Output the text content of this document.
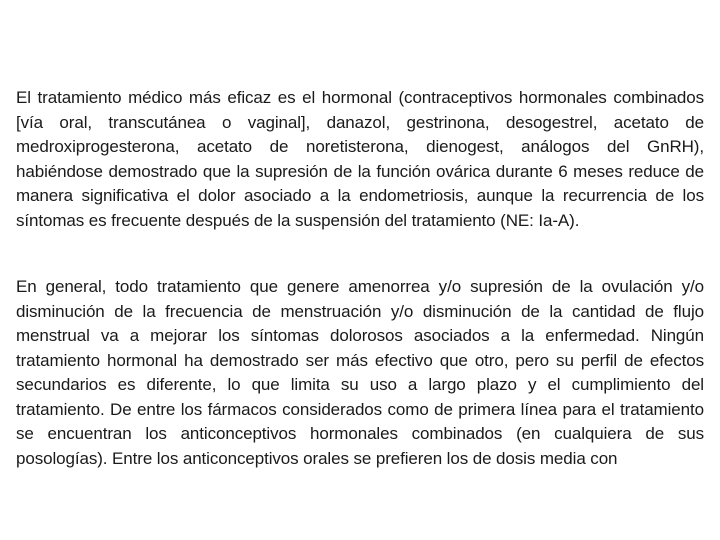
El tratamiento médico más eficaz es el hormonal (contraceptivos hormonales combinados [vía oral, transcutánea o vaginal], danazol, gestrinona, desogestrel, acetato de medroxiprogesterona, acetato de noretisterona, dienogest, análogos del GnRH), habiéndose demostrado que la supresión de la función ovárica durante 6 meses reduce de manera significativa el dolor asociado a la endometriosis, aunque la recurrencia de los síntomas es frecuente después de la suspensión del tratamiento (NE: Ia-A).

En general, todo tratamiento que genere amenorrea y/o supresión de la ovulación y/o disminución de la frecuencia de menstruación y/o disminución de la cantidad de flujo menstrual va a mejorar los síntomas dolorosos asociados a la enfermedad. Ningún tratamiento hormonal ha demostrado ser más efectivo que otro, pero su perfil de efectos secundarios es diferente, lo que limita su uso a largo plazo y el cumplimiento del tratamiento. De entre los fármacos considerados como de primera línea para el tratamiento se encuentran los anticonceptivos hormonales combinados (en cualquiera de sus posologías). Entre los anticonceptivos orales se prefieren los de dosis media con
